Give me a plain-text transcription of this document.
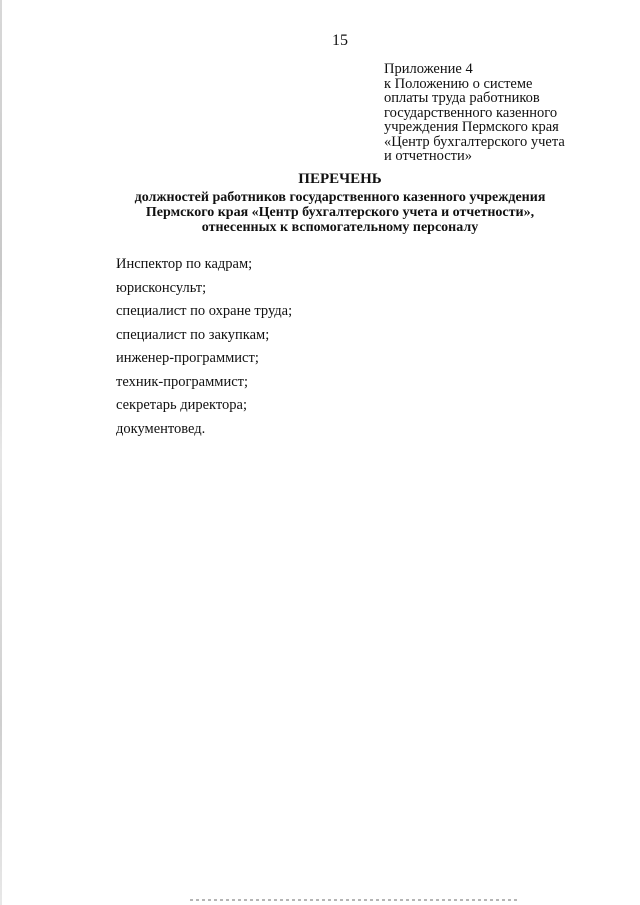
15
Приложение 4
к Положению о системе
оплаты труда работников
государственного казенного
учреждения Пермского края
«Центр бухгалтерского учета
и отчетности»
ПЕРЕЧЕНЬ
должностей работников государственного казенного учреждения
Пермского края «Центр бухгалтерского учета и отчетности»,
отнесенных к вспомогательному персоналу
Инспектор по кадрам;
юрисконсульт;
специалист по охране труда;
специалист по закупкам;
инженер-программист;
техник-программист;
секретарь директора;
документовед.
